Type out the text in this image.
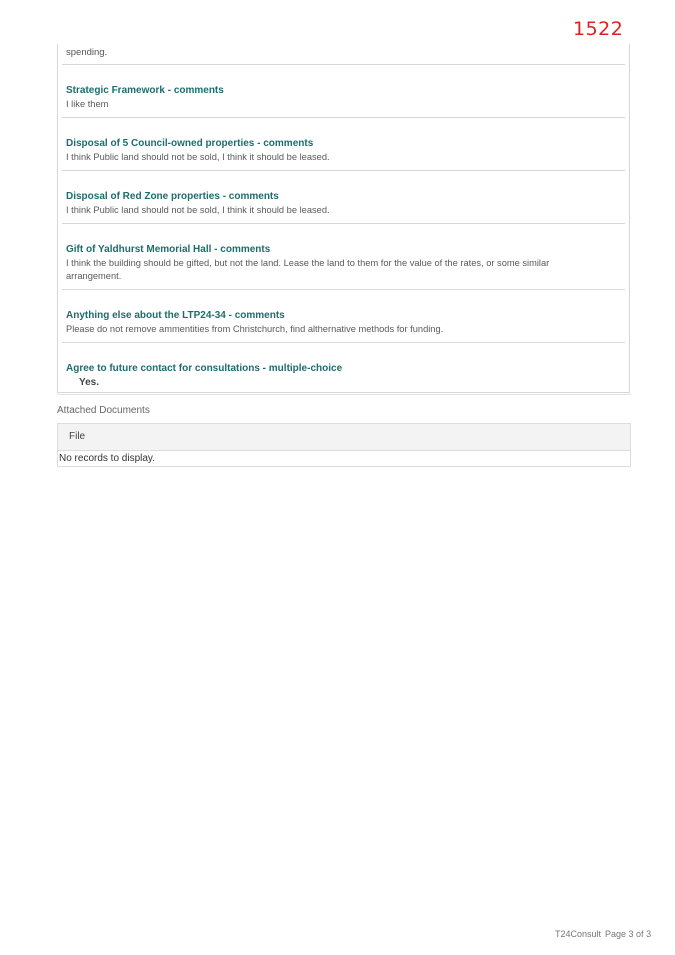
1522
spending.
Strategic Framework - comments
I like them
Disposal of 5 Council-owned properties - comments
I think Public land should not be sold, I think it should be leased.
Disposal of Red Zone properties - comments
I think Public land should not be sold, I think it should be leased.
Gift of Yaldhurst Memorial Hall - comments
I think the building should be gifted, but not the land. Lease the land to them for the value of the rates, or some similar arrangement.
Anything else about the LTP24-34 - comments
Please do not remove ammentities from Christchurch, find althernative methods for funding.
Agree to future contact for consultations - multiple-choice
Yes.
Attached Documents
File
No records to display.
T24Consult Page 3 of 3
